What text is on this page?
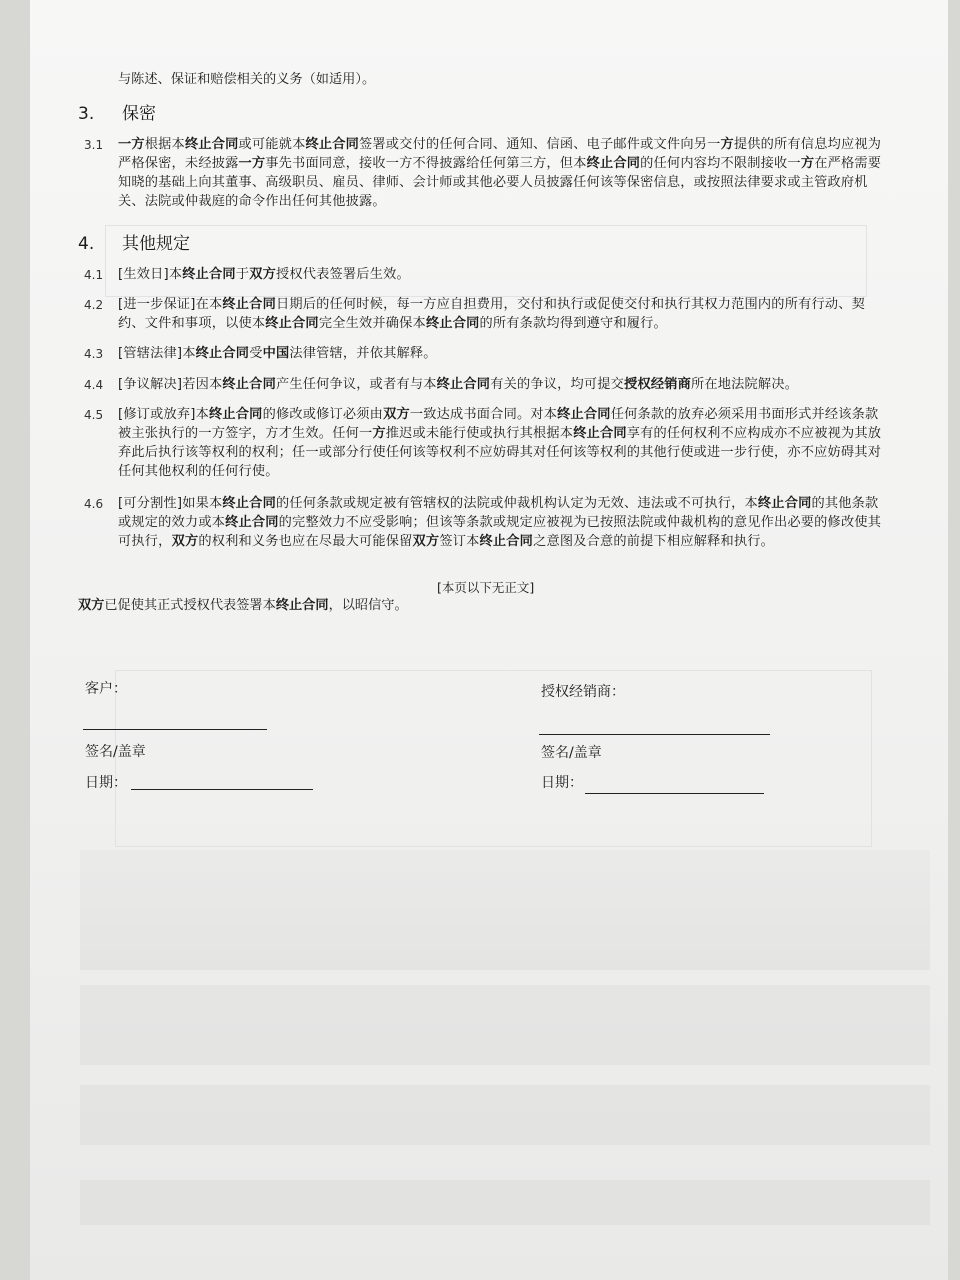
与陈述、保证和赔偿相关的义务（如适用）。
3. 保密
3.1 一方根据本终止合同或可能就本终止合同签署或交付的任何合同、通知、信函、电子邮件或文件向另一方提供的所有信息均应视为
严格保密，未经披露一方事先书面同意，接收一方不得披露给任何第三方，但本终止合同的任何内容均不限制接收一方在严格需要
知晓的基础上向其董事、高级职员、雇员、律师、会计师或其他必要人员披露任何该等保密信息，或按照法律要求或主管政府机
关、法院或仲裁庭的命令作出任何其他披露。
4. 其他规定
4.1 [生效日]本终止合同于双方授权代表签署后生效。
4.2 [进一步保证]在本终止合同日期后的任何时候，每一方应自担费用，交付和执行或促使交付和执行其权力范围内的所有行动、契
约、文件和事项，以使本终止合同完全生效并确保本终止合同的所有条款均得到遵守和履行。
4.3 [管辖法律]本终止合同受中国法律管辖，并依其解释。
4.4 [争议解决]若因本终止合同产生任何争议，或者有与本终止合同有关的争议，均可提交授权经销商所在地法院解决。
4.5 [修订或放弃]本终止合同的修改或修订必须由双方一致达成书面合同。对本终止合同任何条款的放弃必须采用书面形式并经该条款
被主张执行的一方签字，方才生效。任何一方推迟或未能行使或执行其根据本终止合同享有的任何权利不应构成亦不应被视为其放
弃此后执行该等权利的权利；任一或部分行使任何该等权利不应妨碍其对任何该等权利的其他行使或进一步行使，亦不应妨碍其对
任何其他权利的任何行使。
4.6 [可分割性]如果本终止合同的任何条款或规定被有管辖权的法院或仲裁机构认定为无效、违法或不可执行，本终止合同的其他条款
或规定的效力或本终止合同的完整效力不应受影响；但该等条款或规定应被视为已按照法院或仲裁机构的意见作出必要的修改使其
可执行，双方的权利和义务也应在尽最大可能保留双方签订本终止合同之意图及合意的前提下相应解释和执行。
[本页以下无正文]
双方已促使其正式授权代表签署本终止合同，以昭信守。
客户：
签名/盖章
日期：
授权经销商：
签名/盖章
日期：
